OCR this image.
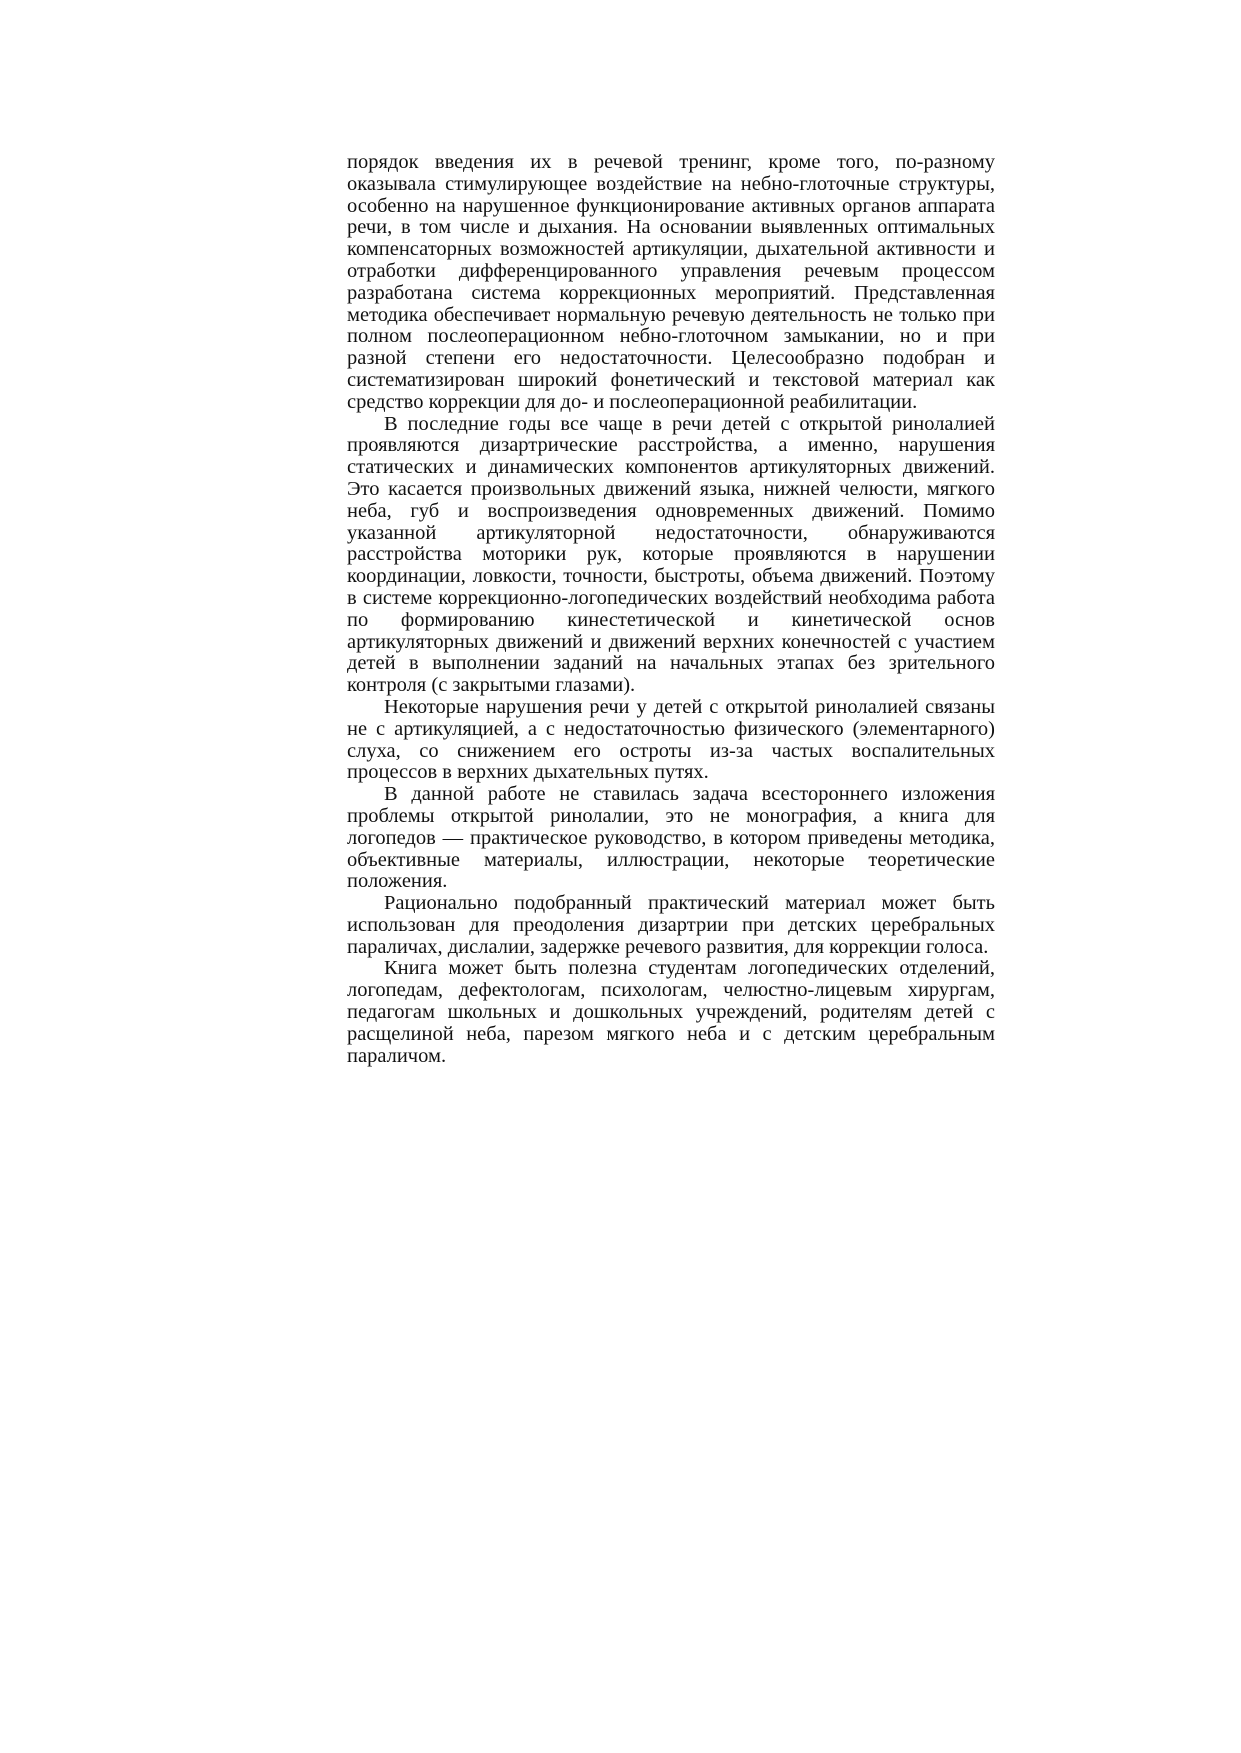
порядок введения их в речевой тренинг, кроме того, по-разному оказывала стимулирующее воздействие на небно-глоточные структуры, особенно на нарушенное функционирование активных органов аппарата речи, в том числе и дыхания. На основании выявленных оптимальных компенсаторных возможностей артикуляции, дыхательной активности и отработки дифференцированного управления речевым процессом разработана система коррекционных мероприятий. Представленная методика обеспечивает нормальную речевую деятельность не только при полном послеоперационном небно-глоточном замыкании, но и при разной степени его недостаточности. Целесообразно подобран и систематизирован широкий фонетический и текстовой материал как средство коррекции для до- и послеоперационной реабилитации.

В последние годы все чаще в речи детей с открытой ринолалией проявляются дизартрические расстройства, а именно, нарушения статических и динамических компонентов артикуляторных движений. Это касается произвольных движений языка, нижней челюсти, мягкого неба, губ и воспроизведения одновременных движений. Помимо указанной артикуляторной недостаточности, обнаруживаются расстройства моторики рук, которые проявляются в нарушении координации, ловкости, точности, быстроты, объема движений. Поэтому в системе коррекционно-логопедических воздействий необходима работа по формированию кинестетической и кинетической основ артикуляторных движений и движений верхних конечностей с участием детей в выполнении заданий на начальных этапах без зрительного контроля (с закрытыми глазами).

Некоторые нарушения речи у детей с открытой ринолалией связаны не с артикуляцией, а с недостаточностью физического (элементарного) слуха, со снижением его остроты из-за частых воспалительных процессов в верхних дыхательных путях.

В данной работе не ставилась задача всестороннего изложения проблемы открытой ринолалии, это не монография, а книга для логопедов — практическое руководство, в котором приведены методика, объективные материалы, иллюстрации, некоторые теоретические положения.

Рационально подобранный практический материал может быть использован для преодоления дизартрии при детских церебральных параличах, дислалии, задержке речевого развития, для коррекции голоса.

Книга может быть полезна студентам логопедических отделений, логопедам, дефектологам, психологам, челюстно-лицевым хирургам, педагогам школьных и дошкольных учреждений, родителям детей с расщелиной неба, парезом мягкого неба и с детским церебральным параличом.
